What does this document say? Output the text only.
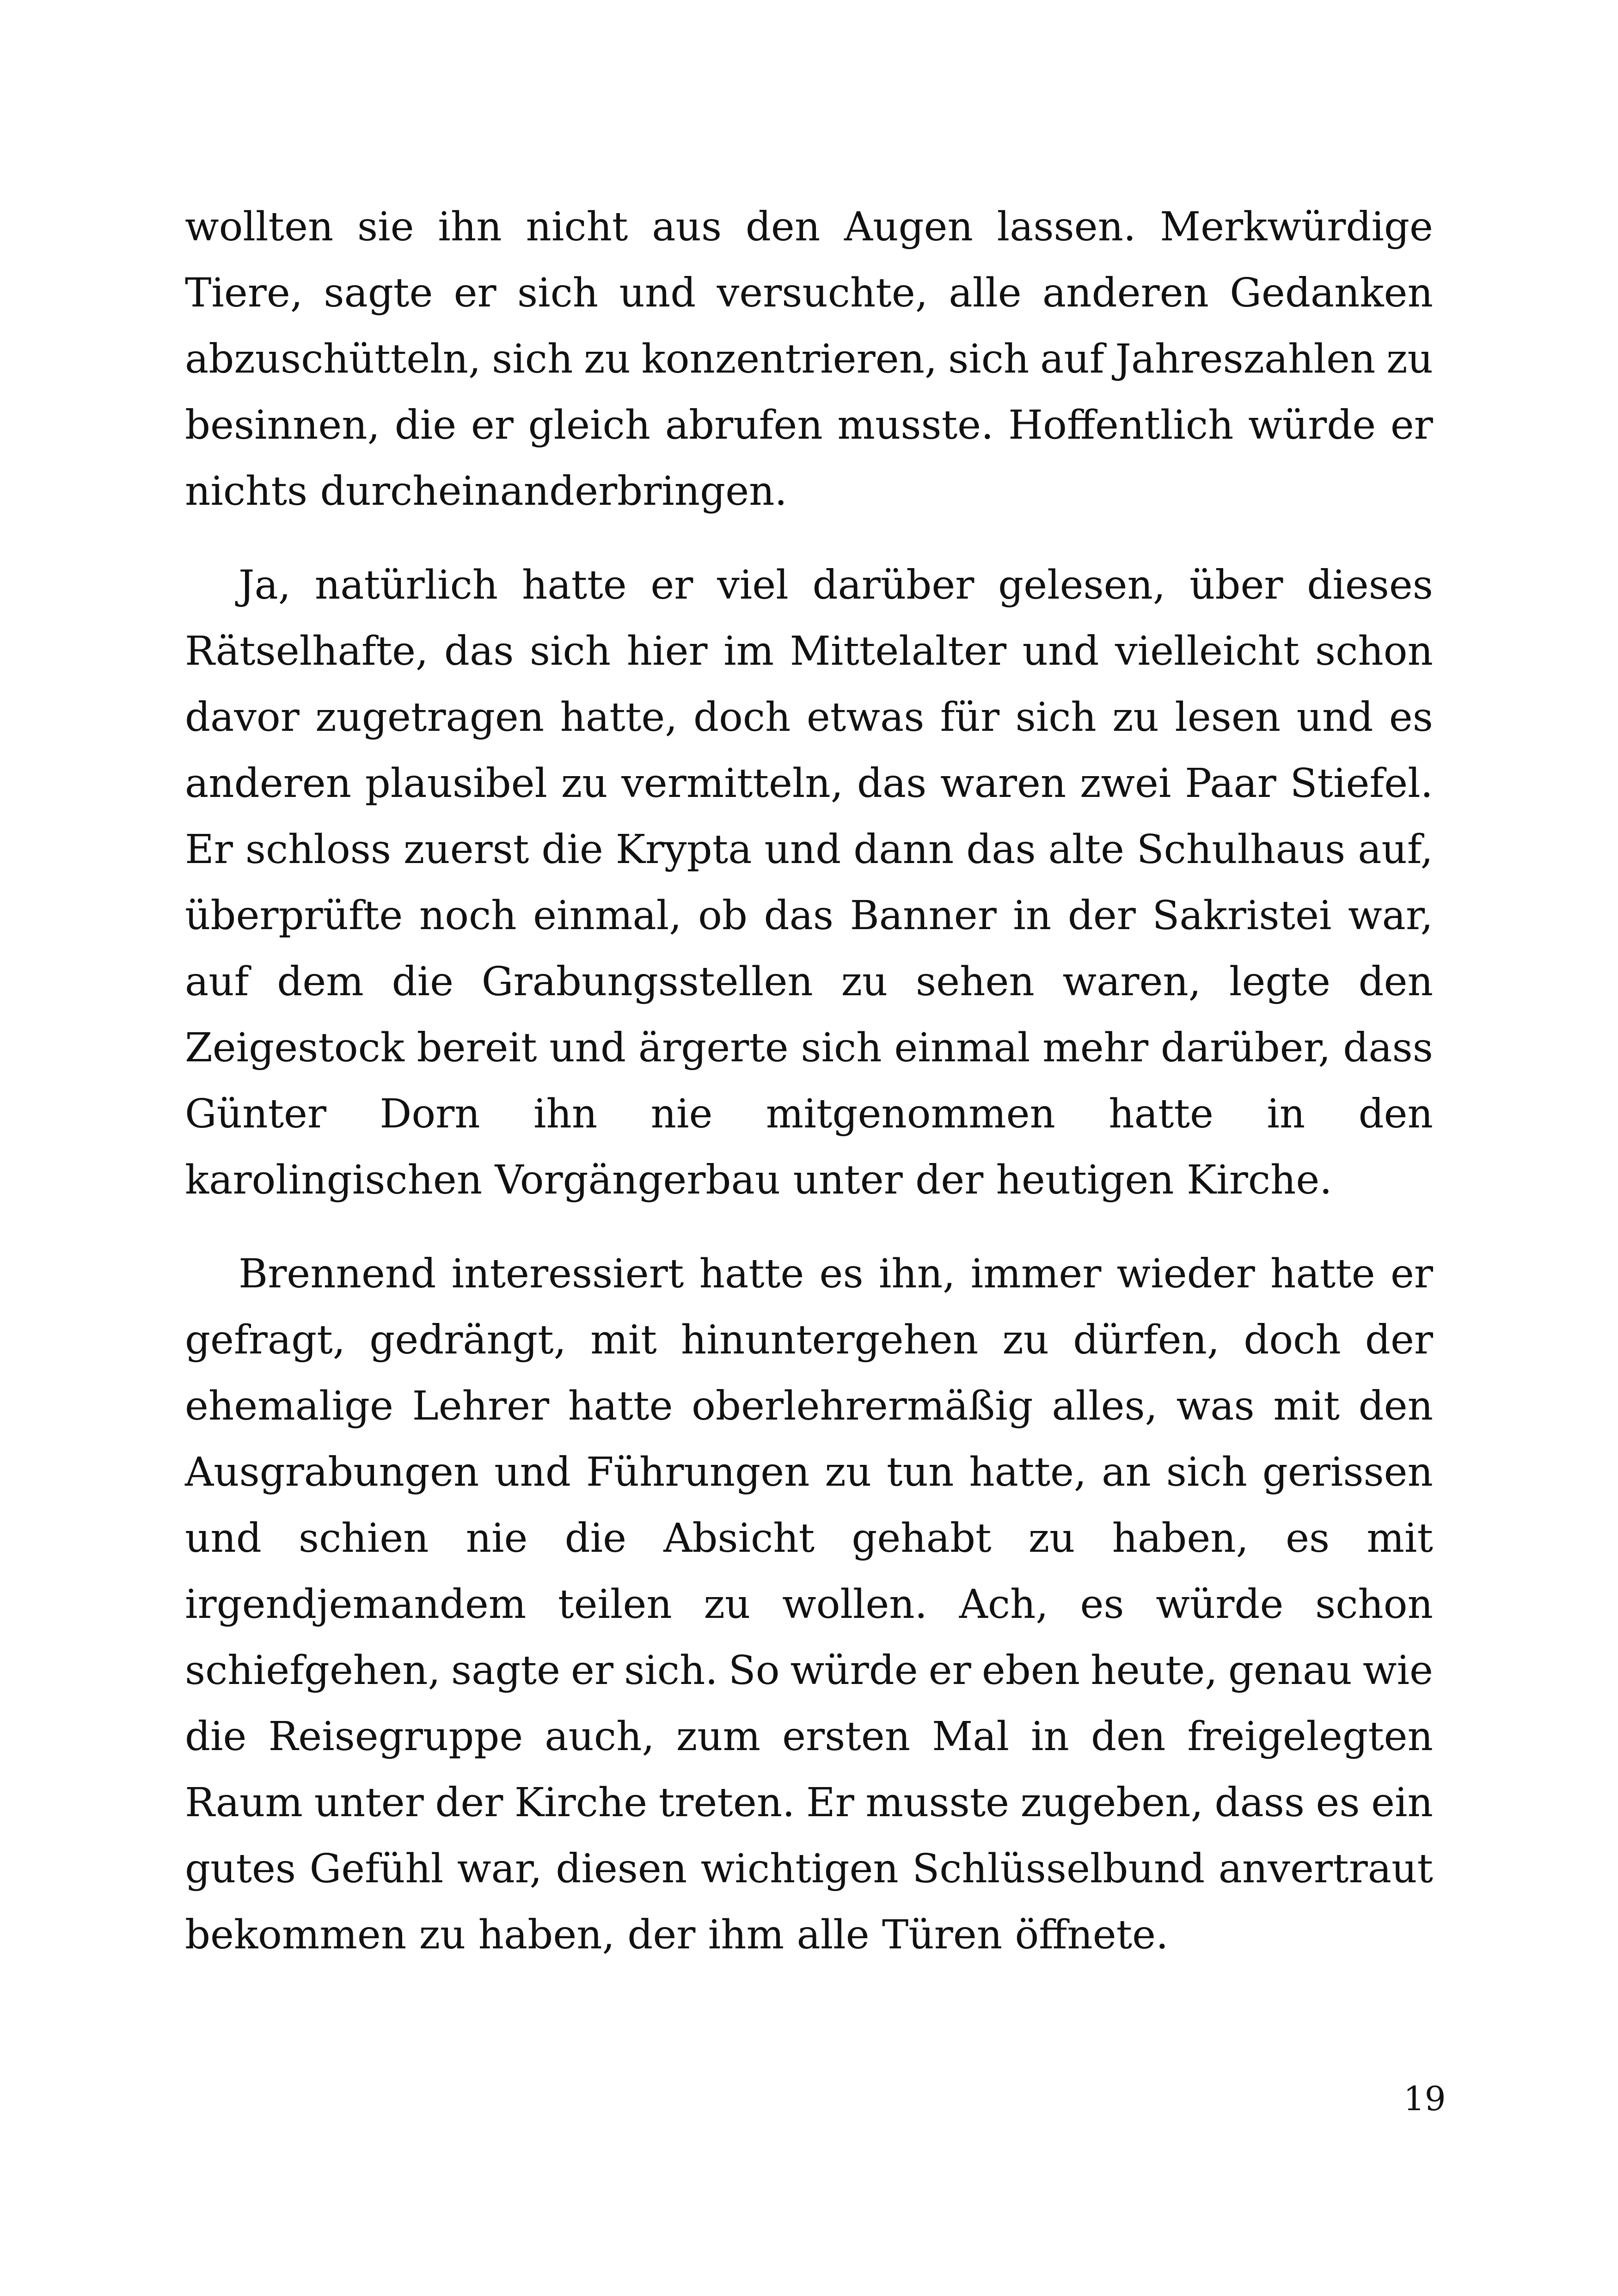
wollten sie ihn nicht aus den Augen lassen. Merkwürdige
Tiere, sagte er sich und versuchte, alle anderen Gedanken
abzuschütteln, sich zu konzentrieren, sich auf Jahreszahlen zu
besinnen, die er gleich abrufen musste. Hoffentlich würde er
nichts durcheinanderbringen.
Ja, natürlich hatte er viel darüber gelesen, über dieses
Rätselhafte, das sich hier im Mittelalter und vielleicht schon
davor zugetragen hatte, doch etwas für sich zu lesen und es
anderen plausibel zu vermitteln, das waren zwei Paar Stiefel.
Er schloss zuerst die Krypta und dann das alte Schulhaus auf,
überprüfte noch einmal, ob das Banner in der Sakristei war,
auf dem die Grabungsstellen zu sehen waren, legte den
Zeigestock bereit und ärgerte sich einmal mehr darüber, dass
Günter Dorn ihn nie mitgenommen hatte in den
karolingischen Vorgängerbau unter der heutigen Kirche.
Brennend interessiert hatte es ihn, immer wieder hatte er
gefragt, gedrängt, mit hinuntergehen zu dürfen, doch der
ehemalige Lehrer hatte oberlehrermäßig alles, was mit den
Ausgrabungen und Führungen zu tun hatte, an sich gerissen
und schien nie die Absicht gehabt zu haben, es mit
irgendjemandem teilen zu wollen. Ach, es würde schon
schiefgehen, sagte er sich. So würde er eben heute, genau wie
die Reisegruppe auch, zum ersten Mal in den freigelegten
Raum unter der Kirche treten. Er musste zugeben, dass es ein
gutes Gefühl war, diesen wichtigen Schlüsselbund anvertraut
bekommen zu haben, der ihm alle Türen öffnete.
19
